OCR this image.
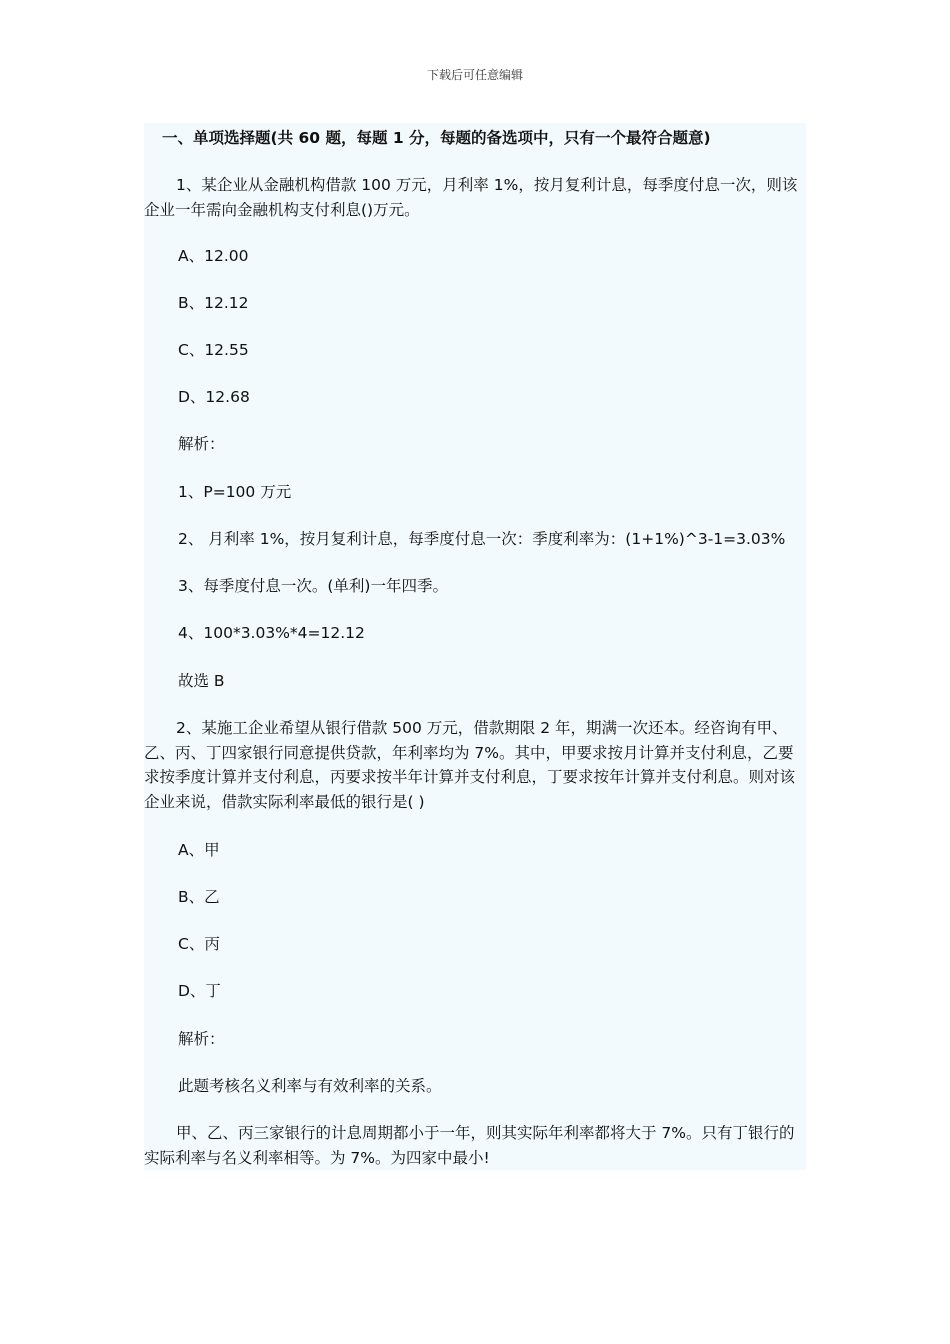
下载后可任意编辑
一、单项选择题(共 60 题，每题 1 分，每题的备选项中，只有一个最符合题意)
1、某企业从金融机构借款 100 万元，月利率 1%，按月复利计息，每季度付息一次，则该企业一年需向金融机构支付利息()万元。
A、12.00
B、12.12
C、12.55
D、12.68
解析：
1、P=100 万元
2、 月利率 1%，按月复利计息，每季度付息一次：季度利率为：(1+1%)^3-1=3.03%
3、每季度付息一次。(单利)一年四季。
4、100*3.03%*4=12.12
故选 B
2、某施工企业希望从银行借款 500 万元，借款期限 2 年，期满一次还本。经咨询有甲、乙、丙、丁四家银行同意提供贷款，年利率均为 7%。其中，甲要求按月计算并支付利息，乙要求按季度计算并支付利息，丙要求按半年计算并支付利息，丁要求按年计算并支付利息。则对该企业来说，借款实际利率最低的银行是( )
A、甲
B、乙
C、丙
D、丁
解析：
此题考核名义利率与有效利率的关系。
甲、乙、丙三家银行的计息周期都小于一年，则其实际年利率都将大于 7%。只有丁银行的实际利率与名义利率相等。为 7%。为四家中最小!
